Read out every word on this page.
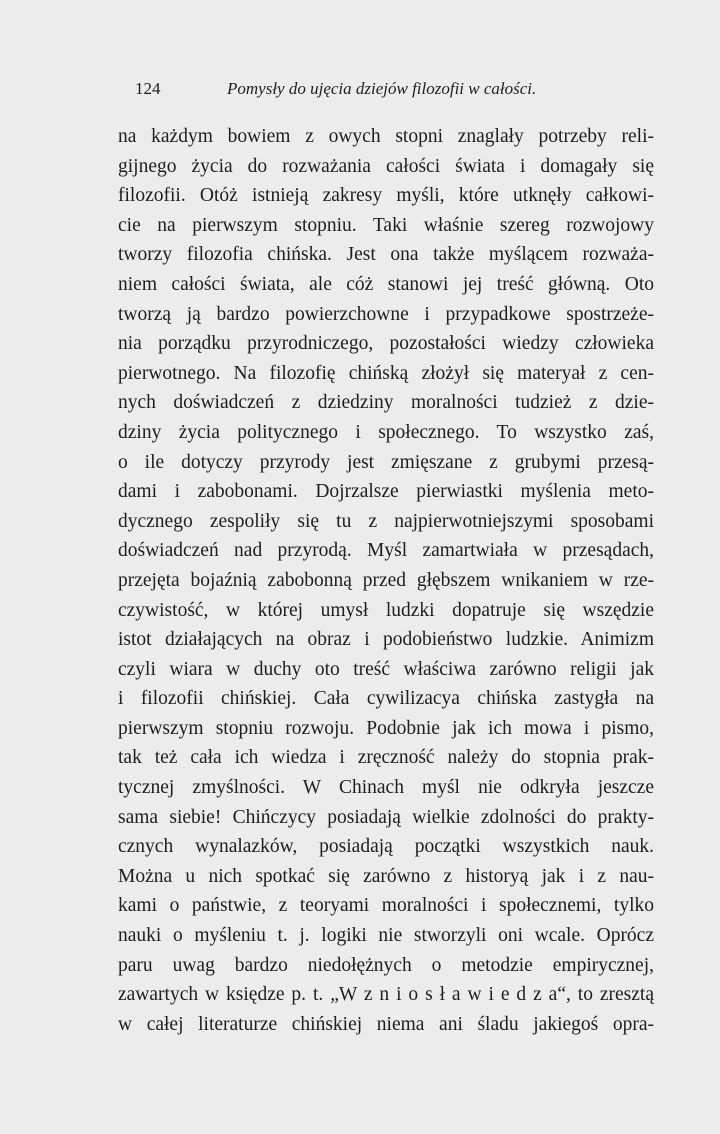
124	Pomysły do ujęcia dziejów filozofii w całości.
na każdym bowiem z owych stopni znaglały potrzeby reli-
gijnego życia do rozważania całości świata i domagały się
filozofii. Otóż istnieją zakresy myśli, które utknęły całkowi-
cie na pierwszym stopniu. Taki właśnie szereg rozwojowy
tworzy filozofia chińska. Jest ona także myślącem rozważa-
niem całości świata, ale cóż stanowi jej treść główną. Oto
tworzą ją bardzo powierzchowne i przypadkowe spostrzeże-
nia porządku przyrodniczego, pozostałości wiedzy człowieka
pierwotnego. Na filozofię chińską złożył się materyał z cen-
nych doświadczeń z dziedziny moralności tudzież z dzie-
dziny życia politycznego i społecznego. To wszystko zaś,
o ile dotyczy przyrody jest zmięszane z grubymi przesą-
dami i zabobonami. Dojrzalsze pierwiastki myślenia meto-
dycznego zespoliły się tu z najpierwotniejszymi sposobami
doświadczeń nad przyrodą. Myśl zamartwiała w przesądach,
przejęta bojaźnią zabobonną przed głębszem wnikaniem w rze-
czywistość, w której umysł ludzki dopatruje się wszędzie
istot działających na obraz i podobieństwo ludzkie. Animizm
czyli wiara w duchy oto treść właściwa zarówno religii jak
i filozofii chińskiej. Cała cywilizacya chińska zastygła na
pierwszym stopniu rozwoju. Podobnie jak ich mowa i pismo,
tak też cała ich wiedza i zręczność należy do stopnia prak-
tycznej zmyślności. W Chinach myśl nie odkryła jeszcze
sama siebie! Chińczycy posiadają wielkie zdolności do prakty-
cznych wynalazków, posiadają początki wszystkich nauk.
Można u nich spotkać się zarówno z historyą jak i z nau-
kami o państwie, z teoryami moralności i społecznemi, tylko
nauki o myśleniu t. j. logiki nie stworzyli oni wcale. Oprócz
paru uwag bardzo niedołężnych o metodzie empirycznej,
zawartych w księdze p. t. „W z n i o s ł a w i e d z a“, to zresztą
w całej literaturze chińskiej niema ani śladu jakiegoś opra-
